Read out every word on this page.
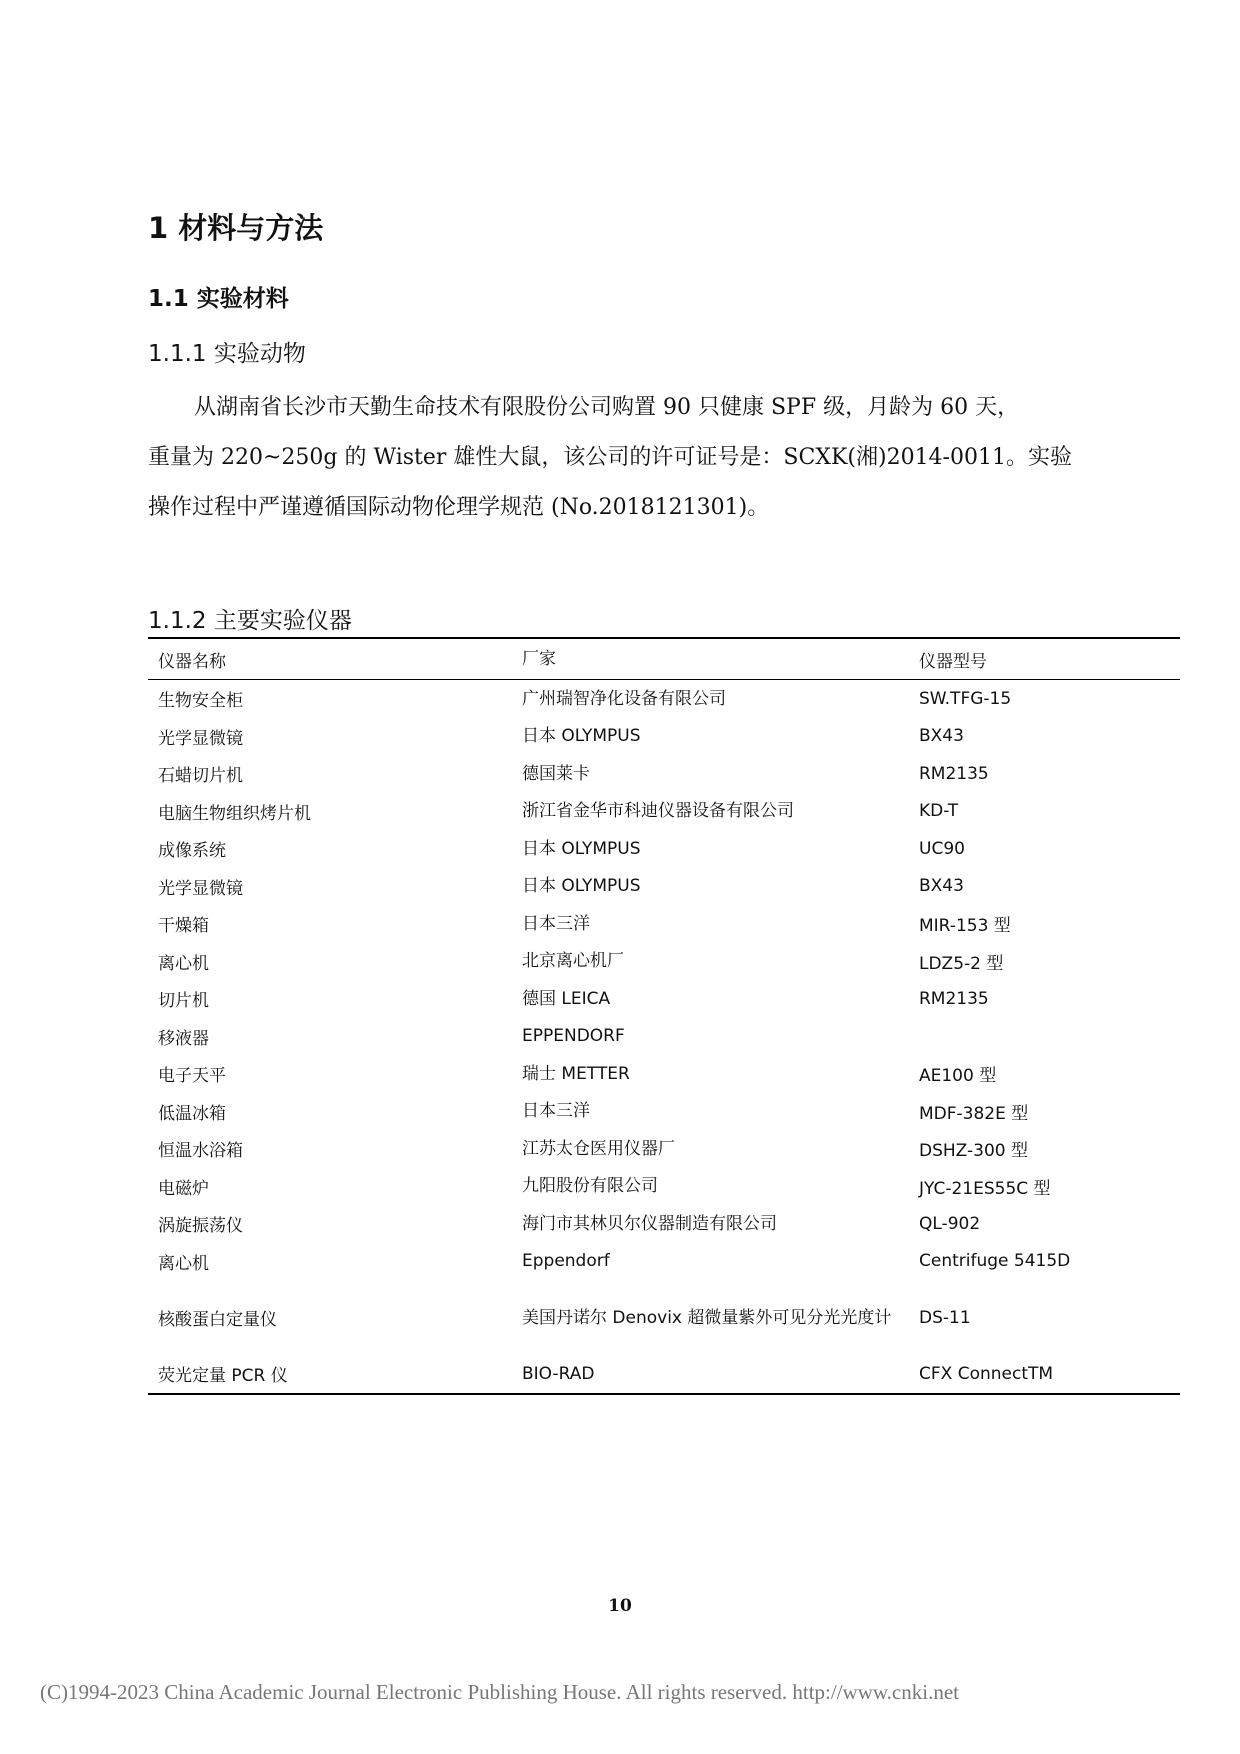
1 材料与方法
1.1 实验材料
1.1.1 实验动物
从湖南省长沙市天勤生命技术有限股份公司购置 90 只健康 SPF 级，月龄为 60 天，
重量为 220~250g 的 Wister 雄性大鼠，该公司的许可证号是：SCXK(湘)2014-0011。实验
操作过程中严谨遵循国际动物伦理学规范 (No.2018121301)。
1.1.2 主要实验仪器
仪器名称	厂家	仪器型号
生物安全柜	广州瑞智净化设备有限公司	SW.TFG-15
光学显微镜	日本 OLYMPUS	BX43
石蜡切片机	德国莱卡	RM2135
电脑生物组织烤片机	浙江省金华市科迪仪器设备有限公司	KD-T
成像系统	日本 OLYMPUS	UC90
光学显微镜	日本 OLYMPUS	BX43
干燥箱	日本三洋	MIR-153 型
离心机	北京离心机厂	LDZ5-2 型
切片机	德国 LEICA	RM2135
移液器	EPPENDORF
电子天平	瑞士 METTER	AE100 型
低温冰箱	日本三洋	MDF-382E 型
恒温水浴箱	江苏太仓医用仪器厂	DSHZ-300 型
电磁炉	九阳股份有限公司	JYC-21ES55C 型
涡旋振荡仪	海门市其林贝尔仪器制造有限公司	QL-902
离心机	Eppendorf	Centrifuge 5415D
核酸蛋白定量仪	美国丹诺尔 Denovix 超微量紫外可见分光光度计	DS-11
荧光定量 PCR 仪	BIO-RAD	CFX ConnectTM
10
(C)1994-2023 China Academic Journal Electronic Publishing House. All rights reserved. http://www.cnki.net
